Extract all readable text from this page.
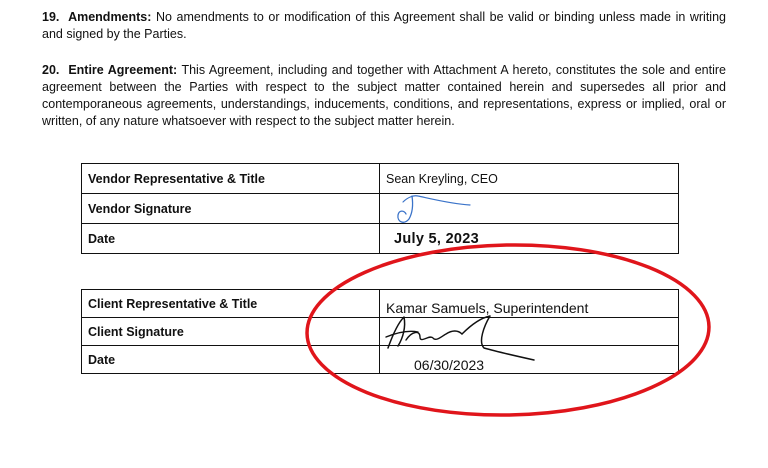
19. Amendments: No amendments to or modification of this Agreement shall be valid or binding unless made in writing and signed by the Parties.

20. Entire Agreement: This Agreement, including and together with Attachment A hereto, constitutes the sole and entire agreement between the Parties with respect to the subject matter contained herein and supersedes all prior and contemporaneous agreements, understandings, inducements, conditions, and representations, express or implied, oral or written, of any nature whatsoever with respect to the subject matter herein.

Vendor Representative & Title	Sean Kreyling, CEO
Vendor Signature	
Date	July 5, 2023
Client Representative & Title	Kamar Samuels, Superintendent
Client Signature	
Date	06/30/2023
